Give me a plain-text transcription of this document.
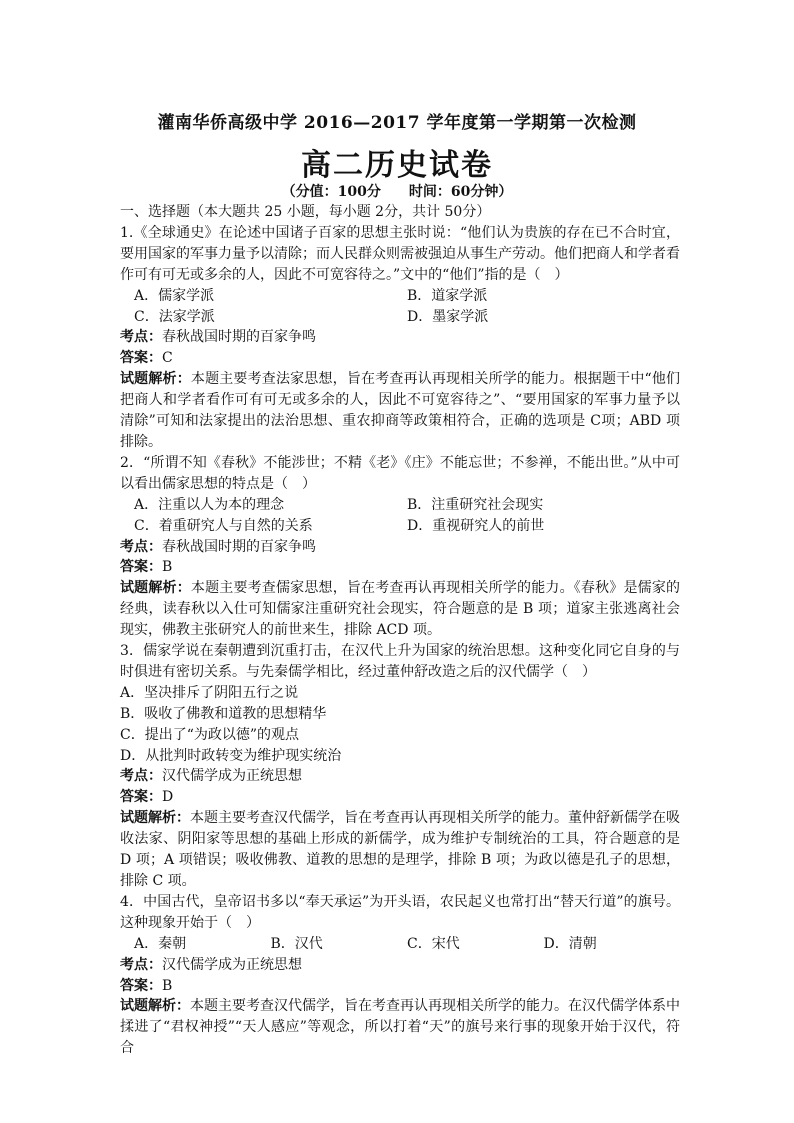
灌南华侨高级中学 2016—2017 学年度第一学期第一次检测
高二历史试卷
（分值：100分 时间：60分钟）

一、选择题（本大题共 25 小题，每小题 2分，共计 50分）

1.《全球通史》在论述中国诸子百家的思想主张时说：“他们认为贵族的存在已不合时宜，要用国家的军事力量予以清除；而人民群众则需被强迫从事生产劳动。他们把商人和学者看作可有可无或多余的人，因此不可宽容待之。”文中的“他们”指的是（　）

A．儒家学派	B．道家学派
C．法家学派	D．墨家学派

考点：春秋战国时期的百家争鸣

答案：C

试题解析：本题主要考查法家思想，旨在考查再认再现相关所学的能力。根据题干中“他们把商人和学者看作可有可无或多余的人，因此不可宽容待之”、“要用国家的军事力量予以清除”可知和法家提出的法治思想、重农抑商等政策相符合，正确的选项是 C项；ABD 项排除。

2．“所谓不知《春秋》不能涉世；不精《老》《庄》不能忘世；不参禅，不能出世。”从中可以看出儒家思想的特点是（　）

A．注重以人为本的理念	B．注重研究社会现实
C．着重研究人与自然的关系	D．重视研究人的前世

考点：春秋战国时期的百家争鸣

答案：B

试题解析：本题主要考查儒家思想，旨在考查再认再现相关所学的能力。《春秋》是儒家的经典，读春秋以入仕可知儒家注重研究社会现实，符合题意的是 B 项；道家主张逃离社会现实，佛教主张研究人的前世来生，排除 ACD 项。

3．儒家学说在秦朝遭到沉重打击，在汉代上升为国家的统治思想。这种变化同它自身的与时俱进有密切关系。与先秦儒学相比，经过董仲舒改造之后的汉代儒学（　）

A．坚决排斥了阴阳五行之说

B．吸收了佛教和道教的思想精华

C．提出了“为政以德”的观点

D．从批判时政转变为维护现实统治

考点：汉代儒学成为正统思想

答案：D

试题解析：本题主要考查汉代儒学，旨在考查再认再现相关所学的能力。董仲舒新儒学在吸收法家、阴阳家等思想的基础上形成的新儒学，成为维护专制统治的工具，符合题意的是 D 项；A 项错误；吸收佛教、道教的思想的是理学，排除 B 项；为政以德是孔子的思想，排除 C 项。

4．中国古代，皇帝诏书多以“奉天承运”为开头语，农民起义也常打出“替天行道”的旗号。这种现象开始于（　）

A．秦朝	B．汉代	C．宋代	D．清朝

考点：汉代儒学成为正统思想

答案：B

试题解析：本题主要考查汉代儒学，旨在考查再认再现相关所学的能力。在汉代儒学体系中揉进了“君权神授”“天人感应”等观念，所以打着“天”的旗号来行事的现象开始于汉代，符合
